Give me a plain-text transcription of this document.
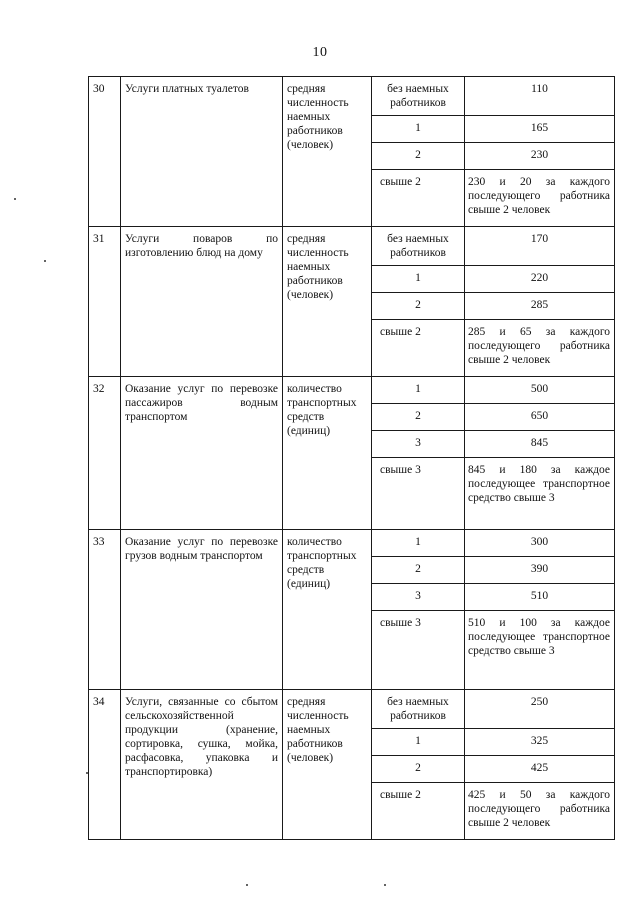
10
30	Услуги платных туалетов	средняя численность наемных работников (человек)	без наемных работников	110
			1	165
			2	230
			свыше 2	230 и 20 за каждого последующего работника свыше 2 человек
31	Услуги поваров по изготовлению блюд на дому	средняя численность наемных работников (человек)	без наемных работников	170
			1	220
			2	285
			свыше 2	285 и 65 за каждого последующего работника свыше 2 человек
32	Оказание услуг по перевозке пассажиров водным транспортом	количество транспортных средств (единиц)	1	500
			2	650
			3	845
			свыше 3	845 и 180 за каждое последующее транспортное средство свыше 3
33	Оказание услуг по перевозке грузов водным транспортом	количество транспортных средств (единиц)	1	300
			2	390
			3	510
			свыше 3	510 и 100 за каждое последующее транспортное средство свыше 3
34	Услуги, связанные со сбытом сельскохозяйственной продукции (хранение, сортировка, сушка, мойка, расфасовка, упаковка и транспортировка)	средняя численность наемных работников (человек)	без наемных работников	250
			1	325
			2	425
			свыше 2	425 и 50 за каждого последующего работника свыше 2 человек
